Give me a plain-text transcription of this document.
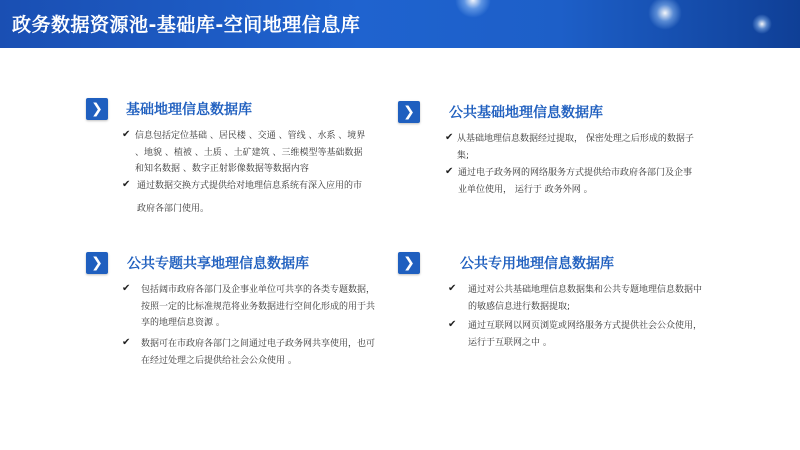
政务数据资源池-基础库-空间地理信息库
❯	基础地理信息数据库
✔ 信息包括定位基础 、居民楼 、交通 、管线 、水系 、境界 、地貌 、植被 、土质 、土矿建筑 、三维模型等基础数据和知名数据 、数字正射影像数据等数据内容
✔ 通过数据交换方式提供给对地理信息系统有深入应用的市政府各部门使用。
❯	公共基础地理信息数据库
✔ 从基础地理信息数据经过提取， 保密处理之后形成的数据子集;
✔ 通过电子政务网的网络服务方式提供给市政府各部门及企事业单位使用， 运行于 政务外网 。
❯	公共专题共享地理信息数据库
✔ 包括阔市政府各部门及企事业单位可共享的各类专题数据， 按照一定的比标准规范将业务数据进行空间化形成的用于共享的地理信息资源 。
✔ 数据可在市政府各部门之间通过电子政务网共享使用，也可在经过处理之后提供给社会公众使用 。
❯	公共专用地理信息数据库
✔ 通过对公共基础地理信息数据集和公共专题地理信息数据中的敏感信息进行数据提取;
✔ 通过互联网以网页浏览或网络服务方式提供社会公众使用， 运行于互联网之中 。
